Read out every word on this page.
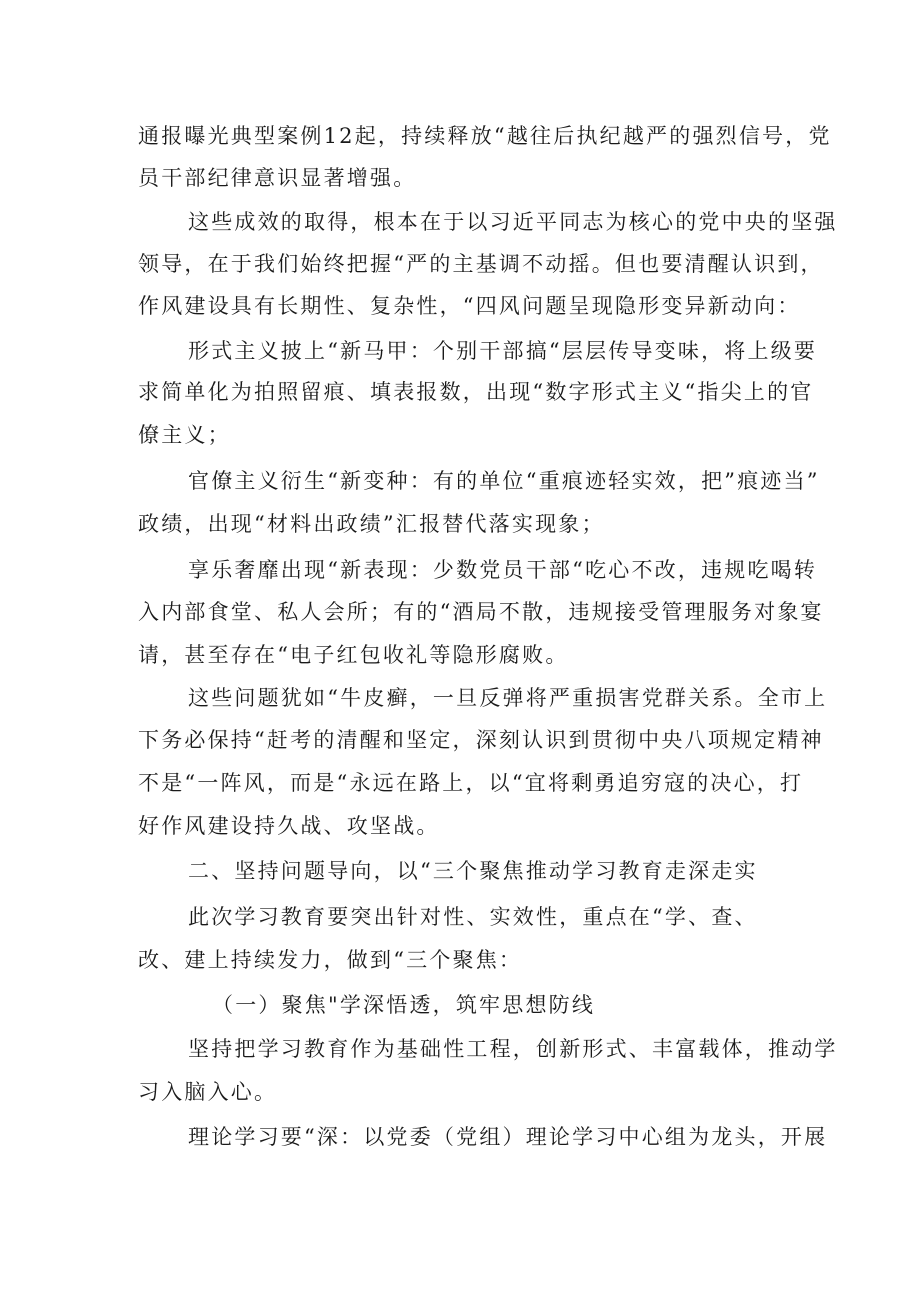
通报曝光典型案例12起，持续释放“越往后执纪越严的强烈信号，党
员干部纪律意识显著增强。
这些成效的取得，根本在于以习近平同志为核心的党中央的坚强
领导，在于我们始终把握“严的主基调不动摇。但也要清醒认识到，
作风建设具有长期性、复杂性，“四风问题呈现隐形变异新动向：
形式主义披上“新马甲：个别干部搞“层层传导变味，将上级要
求简单化为拍照留痕、填表报数，出现“数字形式主义“指尖上的官
僚主义；
官僚主义衍生“新变种：有的单位“重痕迹轻实效，把”痕迹当”
政绩，出现“材料出政绩”汇报替代落实现象；
享乐奢靡出现“新表现：少数党员干部“吃心不改，违规吃喝转
入内部食堂、私人会所；有的“酒局不散，违规接受管理服务对象宴
请，甚至存在“电子红包收礼等隐形腐败。
这些问题犹如“牛皮癣，一旦反弹将严重损害党群关系。全市上
下务必保持“赶考的清醒和坚定，深刻认识到贯彻中央八项规定精神
不是“一阵风，而是“永远在路上，以“宜将剩勇追穷寇的决心，打
好作风建设持久战、攻坚战。
二、坚持问题导向，以“三个聚焦推动学习教育走深走实
此次学习教育要突出针对性、实效性，重点在“学、查、
改、建上持续发力，做到“三个聚焦：
（一）聚焦"学深悟透，筑牢思想防线
坚持把学习教育作为基础性工程，创新形式、丰富载体，推动学
习入脑入心。
理论学习要“深：以党委（党组）理论学习中心组为龙头，开展
